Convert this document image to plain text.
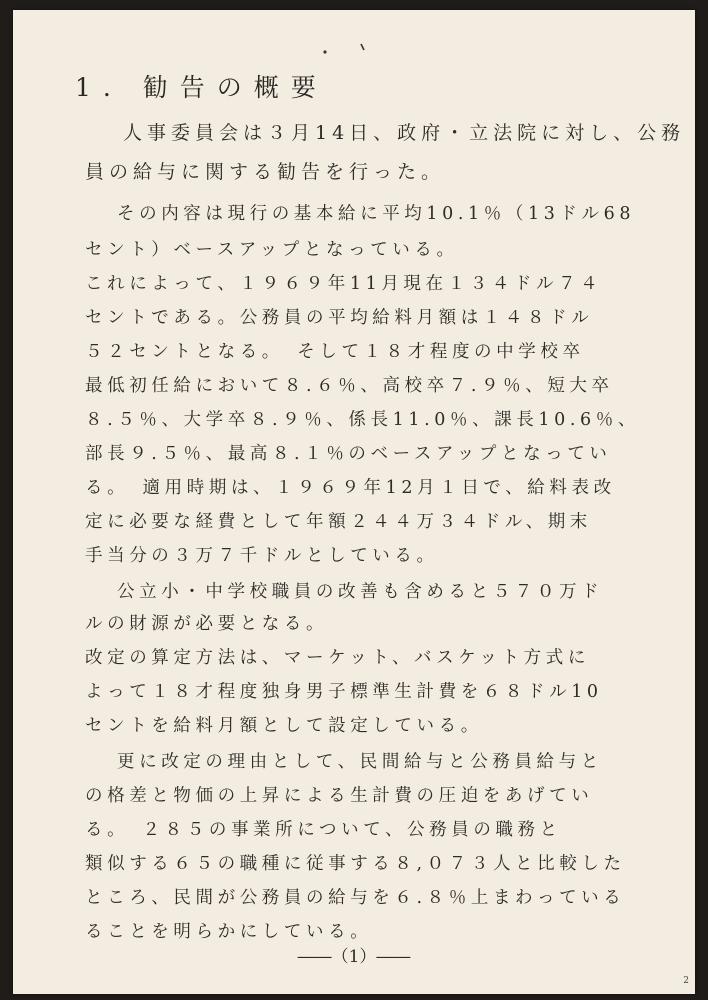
1. 勧告の概要
人事委員会は３月14日、政府・立法院に対し、公務
員の給与に関する勧告を行った。
その内容は現行の基本給に平均10.1％（13ドル68
セント）ベースアップとなっている。
これによって、１９６９年11月現在１３４ドル７４
セントである。公務員の平均給料月額は１４８ドル
５２セントとなる。　そして１８才程度の中学校卒
最低初任給において８.６％、高校卒７.９％、短大卒
８.５％、大学卒８.９％、係長11.0％、課長10.6％、
部長９.５％、最高８.１％のベースアップとなってい
る。　適用時期は、１９６９年12月１日で、給料表改
定に必要な経費として年額２４４万３４ドル、期末
手当分の３万７千ドルとしている。
公立小・中学校職員の改善も含めると５７０万ド
ルの財源が必要となる。
改定の算定方法は、マーケット、バスケット方式に
よって１８才程度独身男子標準生計費を６８ドル10
セントを給料月額として設定している。
更に改定の理由として、民間給与と公務員給与と
の格差と物価の上昇による生計費の圧迫をあげてい
る。　２８５の事業所について、公務員の職務と
類似する６５の職種に従事する８,０７３人と比較した
ところ、民間が公務員の給与を６.８％上まわっている
ることを明らかにしている。
――（1）――
2
